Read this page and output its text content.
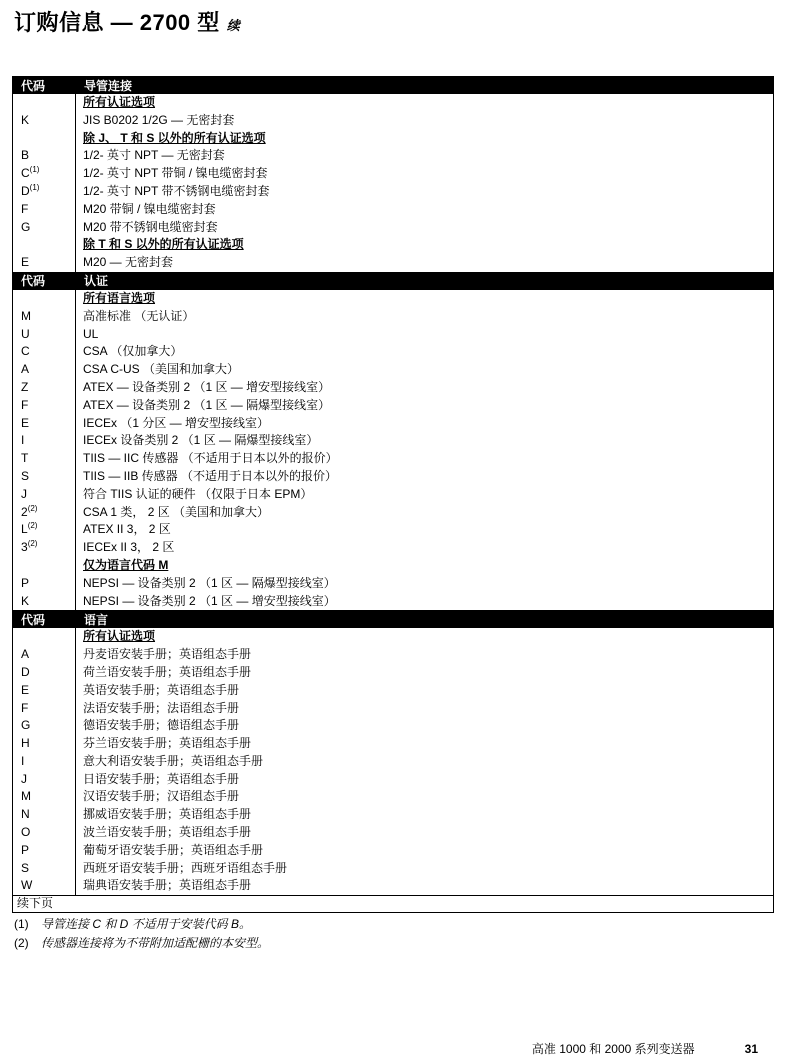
订购信息 — 2700 型 续
代码	导管连接
所有认证选项
K	JIS B0202 1/2G — 无密封套
除 J、 T 和 S 以外的所有认证选项
B	1/2- 英寸 NPT — 无密封套
$C^{(1)}$	1/2- 英寸 NPT 带铜 / 镍电缆密封套
$D^{(1)}$	1/2- 英寸 NPT 带不锈钢电缆密封套
F	M20 带铜 / 镍电缆密封套
G	M20 带不锈钢电缆密封套
除 T 和 S 以外的所有认证选项
E	M20 — 无密封套
代码	认证
所有语言选项
M	高准标准 （无认证）
U	UL
C	CSA （仅加拿大）
A	CSA C-US （美国和加拿大）
Z	ATEX — 设备类别 2 （1 区 — 增安型接线室）
F	ATEX — 设备类别 2 （1 区 — 隔爆型接线室）
E	IECEx （1 分区 — 增安型接线室）
I	IECEx 设备类别 2 （1 区 — 隔爆型接线室）
T	TIIS — IIC 传感器 （不适用于日本以外的报价）
S	TIIS — IIB 传感器 （不适用于日本以外的报价）
J	符合 TIIS 认证的硬件 （仅限于日本 EPM）
2$^{(2)}$	CSA 1 类， 2 区 （美国和加拿大）
$L^{(2)}$	ATEX II 3， 2 区
3$^{(2)}$	IECEx II 3， 2 区
仅为语言代码 M
P	NEPSI — 设备类别 2 （1 区 — 隔爆型接线室）
K	NEPSI — 设备类别 2 （1 区 — 增安型接线室）
代码	语言
所有认证选项
A	丹麦语安装手册；英语组态手册
D	荷兰语安装手册；英语组态手册
E	英语安装手册；英语组态手册
F	法语安装手册；法语组态手册
G	德语安装手册；德语组态手册
H	芬兰语安装手册；英语组态手册
I	意大利语安装手册；英语组态手册
J	日语安装手册；英语组态手册
M	汉语安装手册；汉语组态手册
N	挪威语安装手册；英语组态手册
O	波兰语安装手册；英语组态手册
P	葡萄牙语安装手册；英语组态手册
S	西班牙语安装手册；西班牙语组态手册
W	瑞典语安装手册；英语组态手册
续下页
(1)	导管连接 C 和 D 不适用于安装代码 B。
(2)	传感器连接将为不带附加适配栅的本安型。
高准 1000 和 2000 系列变送器	31
